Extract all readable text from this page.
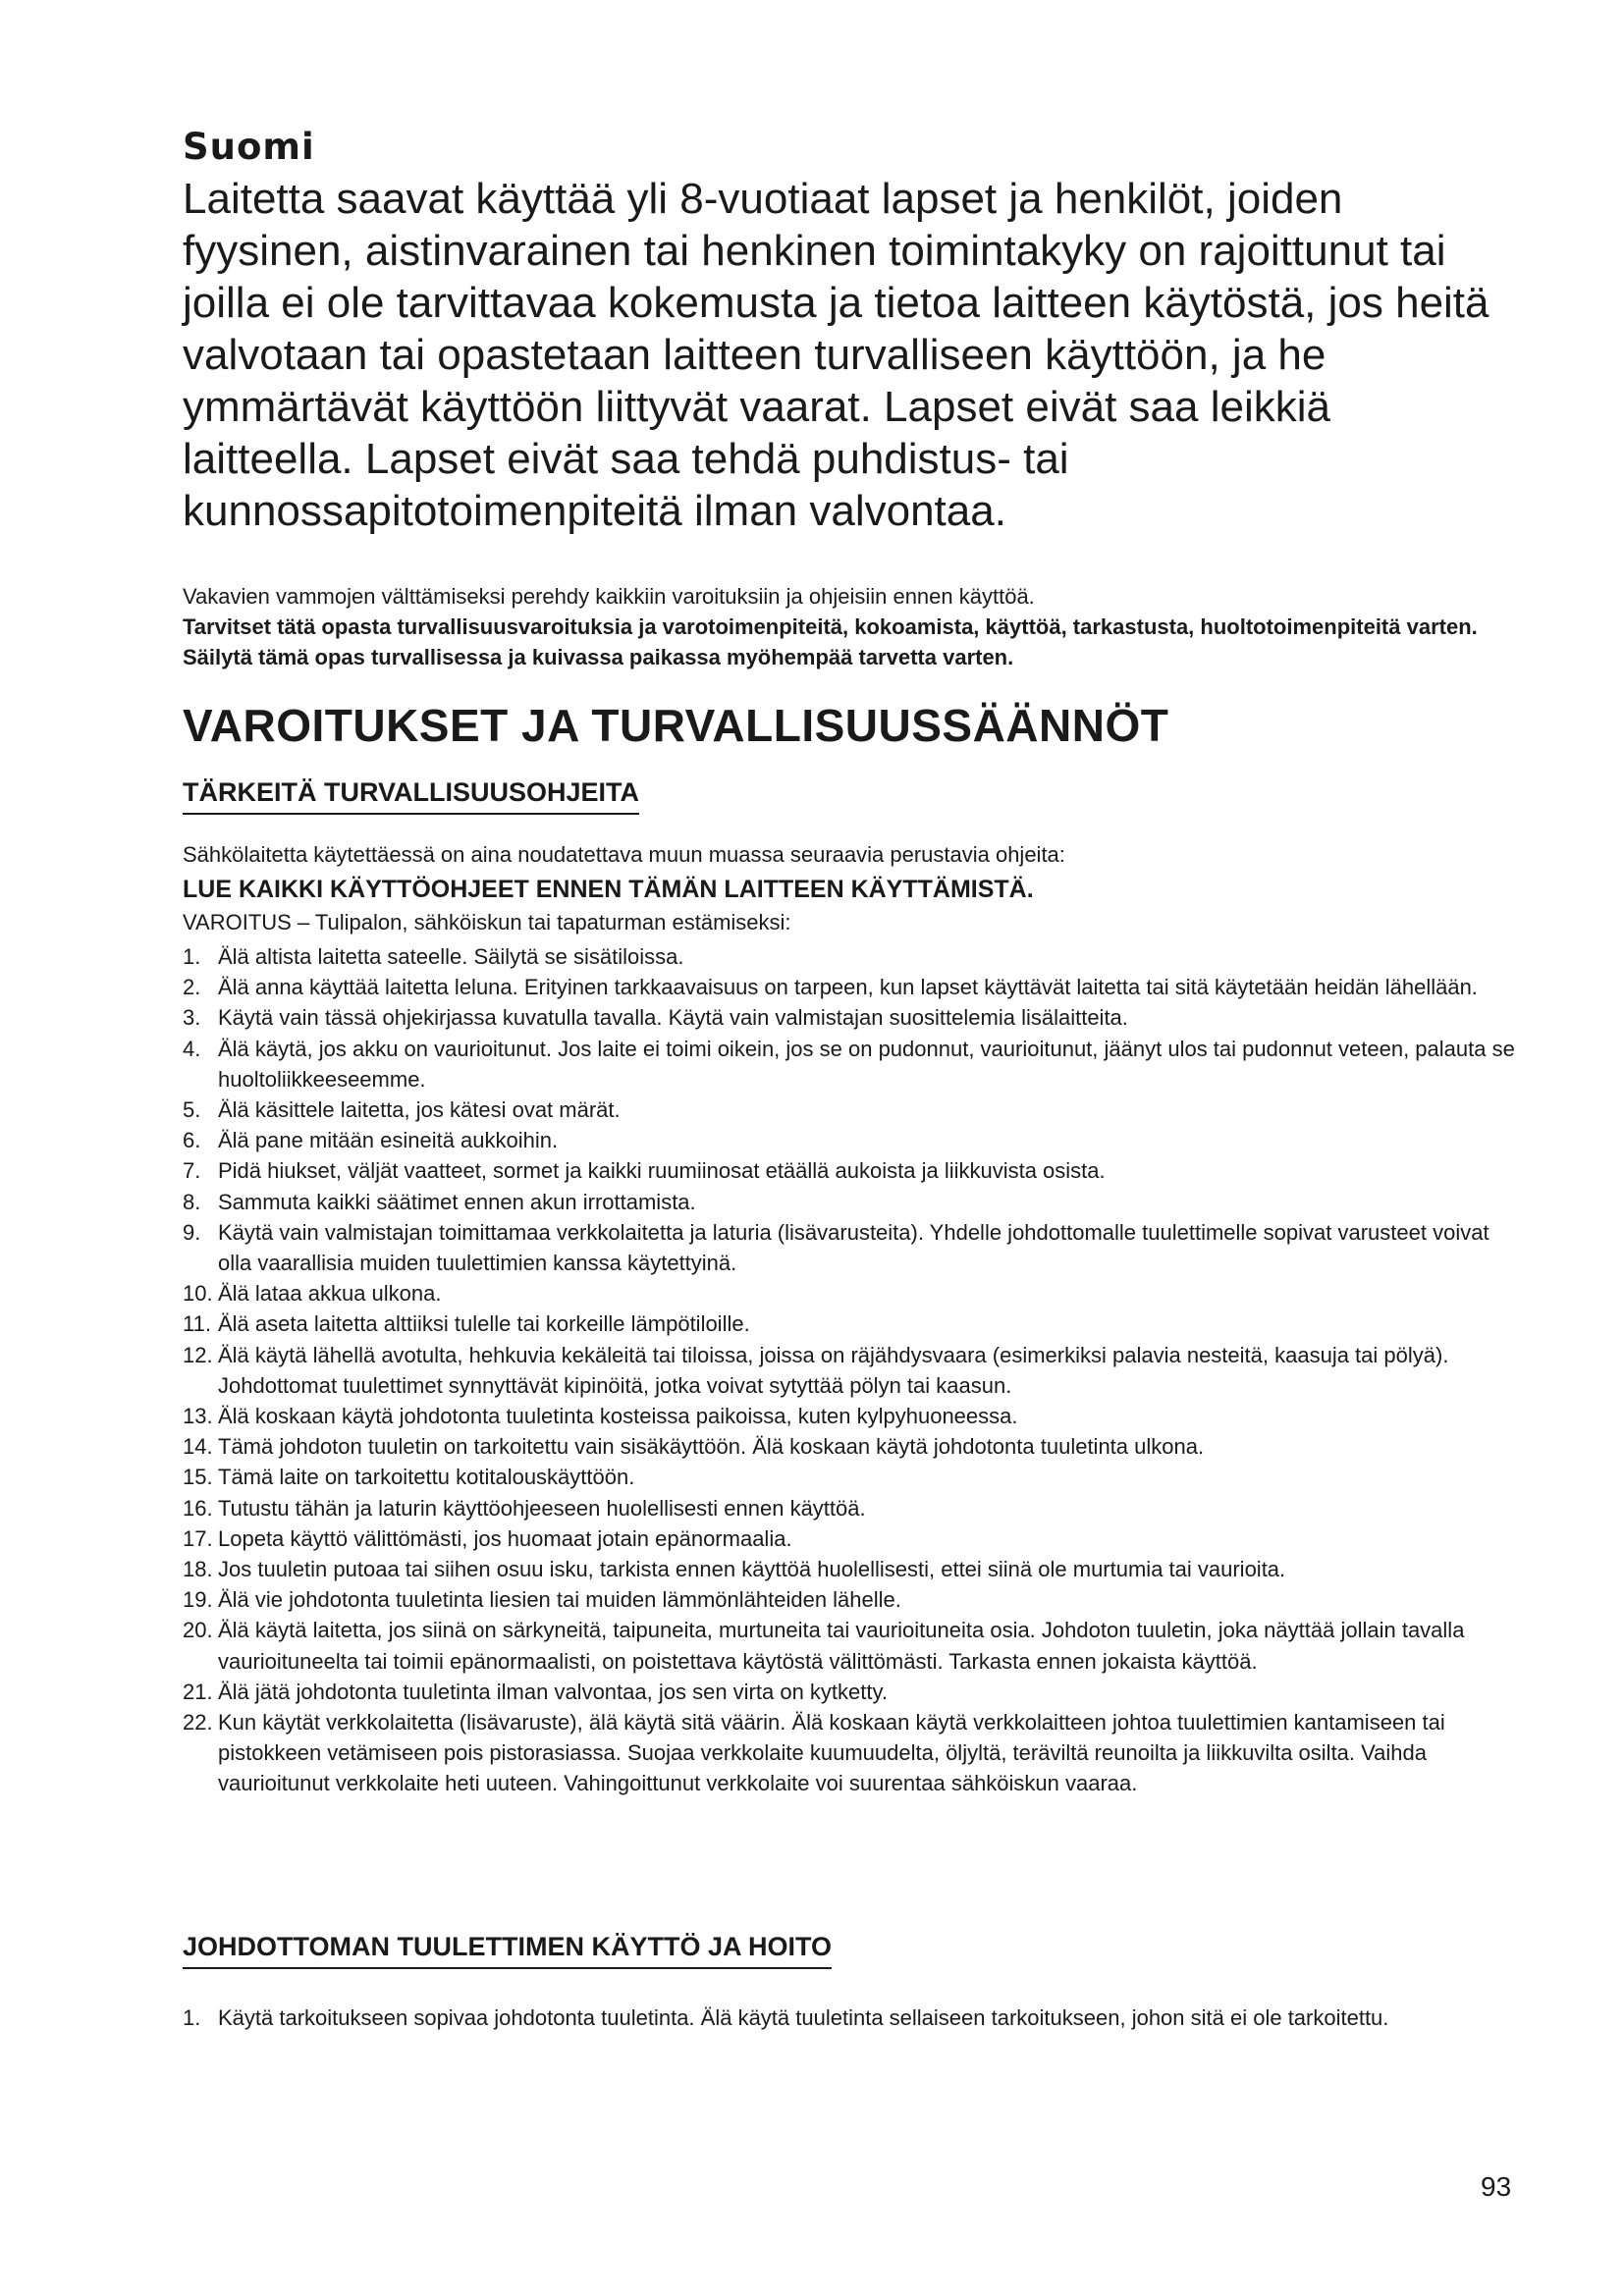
Suomi

Laitetta saavat käyttää yli 8-vuotiaat lapset ja henkilöt, joiden fyysinen, aistinvarainen tai henkinen toimintakyky on rajoittunut tai joilla ei ole tarvittavaa kokemusta ja tietoa laitteen käytöstä, jos heitä valvotaan tai opastetaan laitteen turvalliseen käyttöön, ja he ymmärtävät käyttöön liittyvät vaarat. Lapset eivät saa leikkiä laitteella. Lapset eivät saa tehdä puhdistus- tai kunnossapitotoimenpiteitä ilman valvontaa.

Vakavien vammojen välttämiseksi perehdy kaikkiin varoituksiin ja ohjeisiin ennen käyttöä.
Tarvitset tätä opasta turvallisuusvaroituksia ja varotoimenpiteitä, kokoamista, käyttöä, tarkastusta, huoltotoimenpiteitä varten. Säilytä tämä opas turvallisessa ja kuivassa paikassa myöhempää tarvetta varten.

VAROITUKSET JA TURVALLISUUSSÄÄNNÖT
TÄRKEITÄ TURVALLISUUSOHJEITA

Sähkölaitetta käytettäessä on aina noudatettava muun muassa seuraavia perustavia ohjeita:

LUE KAIKKI KÄYTTÖOHJEET ENNEN TÄMÄN LAITTEEN KÄYTTÄMISTÄ.

VAROITUS – Tulipalon, sähköiskun tai tapaturman estämiseksi:

1. Älä altista laitetta sateelle. Säilytä se sisätiloissa.
2. Älä anna käyttää laitetta leluna. Erityinen tarkkaavaisuus on tarpeen, kun lapset käyttävät laitetta tai sitä käytetään heidän lähellään.
3. Käytä vain tässä ohjekirjassa kuvatulla tavalla. Käytä vain valmistajan suosittelemia lisälaitteita.
4. Älä käytä, jos akku on vaurioitunut. Jos laite ei toimi oikein, jos se on pudonnut, vaurioitunut, jäänyt ulos tai pudonnut veteen, palauta se huoltoliikkeeseemme.
5. Älä käsittele laitetta, jos kätesi ovat märät.
6. Älä pane mitään esineitä aukkoihin.
7. Pidä hiukset, väljät vaatteet, sormet ja kaikki ruumiinosat etäällä aukoista ja liikkuvista osista.
8. Sammuta kaikki säätimet ennen akun irrottamista.
9. Käytä vain valmistajan toimittamaa verkkolaitetta ja laturia (lisävarusteita). Yhdelle johdottomalle tuulettimelle sopivat varusteet voivat olla vaarallisia muiden tuulettimien kanssa käytettyinä.
10. Älä lataa akkua ulkona.
11. Älä aseta laitetta alttiiksi tulelle tai korkeille lämpötiloille.
12. Älä käytä lähellä avotulta, hehkuvia kekäleitä tai tiloissa, joissa on räjähdysvaara (esimerkiksi palavia nesteitä, kaasuja tai pölyä). Johdottomat tuulettimet synnyttävät kipinöitä, jotka voivat sytyttää pölyn tai kaasun.
13. Älä koskaan käytä johdotonta tuuletinta kosteissa paikoissa, kuten kylpyhuoneessa.
14. Tämä johdoton tuuletin on tarkoitettu vain sisäkäyttöön. Älä koskaan käytä johdotonta tuuletinta ulkona.
15. Tämä laite on tarkoitettu kotitalouskäyttöön.
16. Tutustu tähän ja laturin käyttöohjeeseen huolellisesti ennen käyttöä.
17. Lopeta käyttö välittömästi, jos huomaat jotain epänormaalia.
18. Jos tuuletin putoaa tai siihen osuu isku, tarkista ennen käyttöä huolellisesti, ettei siinä ole murtumia tai vaurioita.
19. Älä vie johdotonta tuuletinta liesien tai muiden lämmönlähteiden lähelle.
20. Älä käytä laitetta, jos siinä on särkyneitä, taipuneita, murtuneita tai vaurioituneita osia. Johdoton tuuletin, joka näyttää jollain tavalla vaurioituneelta tai toimii epänormaalisti, on poistettava käytöstä välittömästi. Tarkasta ennen jokaista käyttöä.
21. Älä jätä johdotonta tuuletinta ilman valvontaa, jos sen virta on kytketty.
22. Kun käytät verkkolaitetta (lisävaruste), älä käytä sitä väärin. Älä koskaan käytä verkkolaitteen johtoa tuulettimien kantamiseen tai pistokkeen vetämiseen pois pistorasiassa. Suojaa verkkolaite kuumuudelta, öljyltä, teräviltä reunoilta ja liikkuvilta osilta. Vaihda vaurioitunut verkkolaite heti uuteen. Vahingoittunut verkkolaite voi suurentaa sähköiskun vaaraa.
JOHDOTTOMAN TUULETTIMEN KÄYTTÖ JA HOITO
1. Käytä tarkoitukseen sopivaa johdotonta tuuletinta. Älä käytä tuuletinta sellaiseen tarkoitukseen, johon sitä ei ole tarkoitettu.
93
